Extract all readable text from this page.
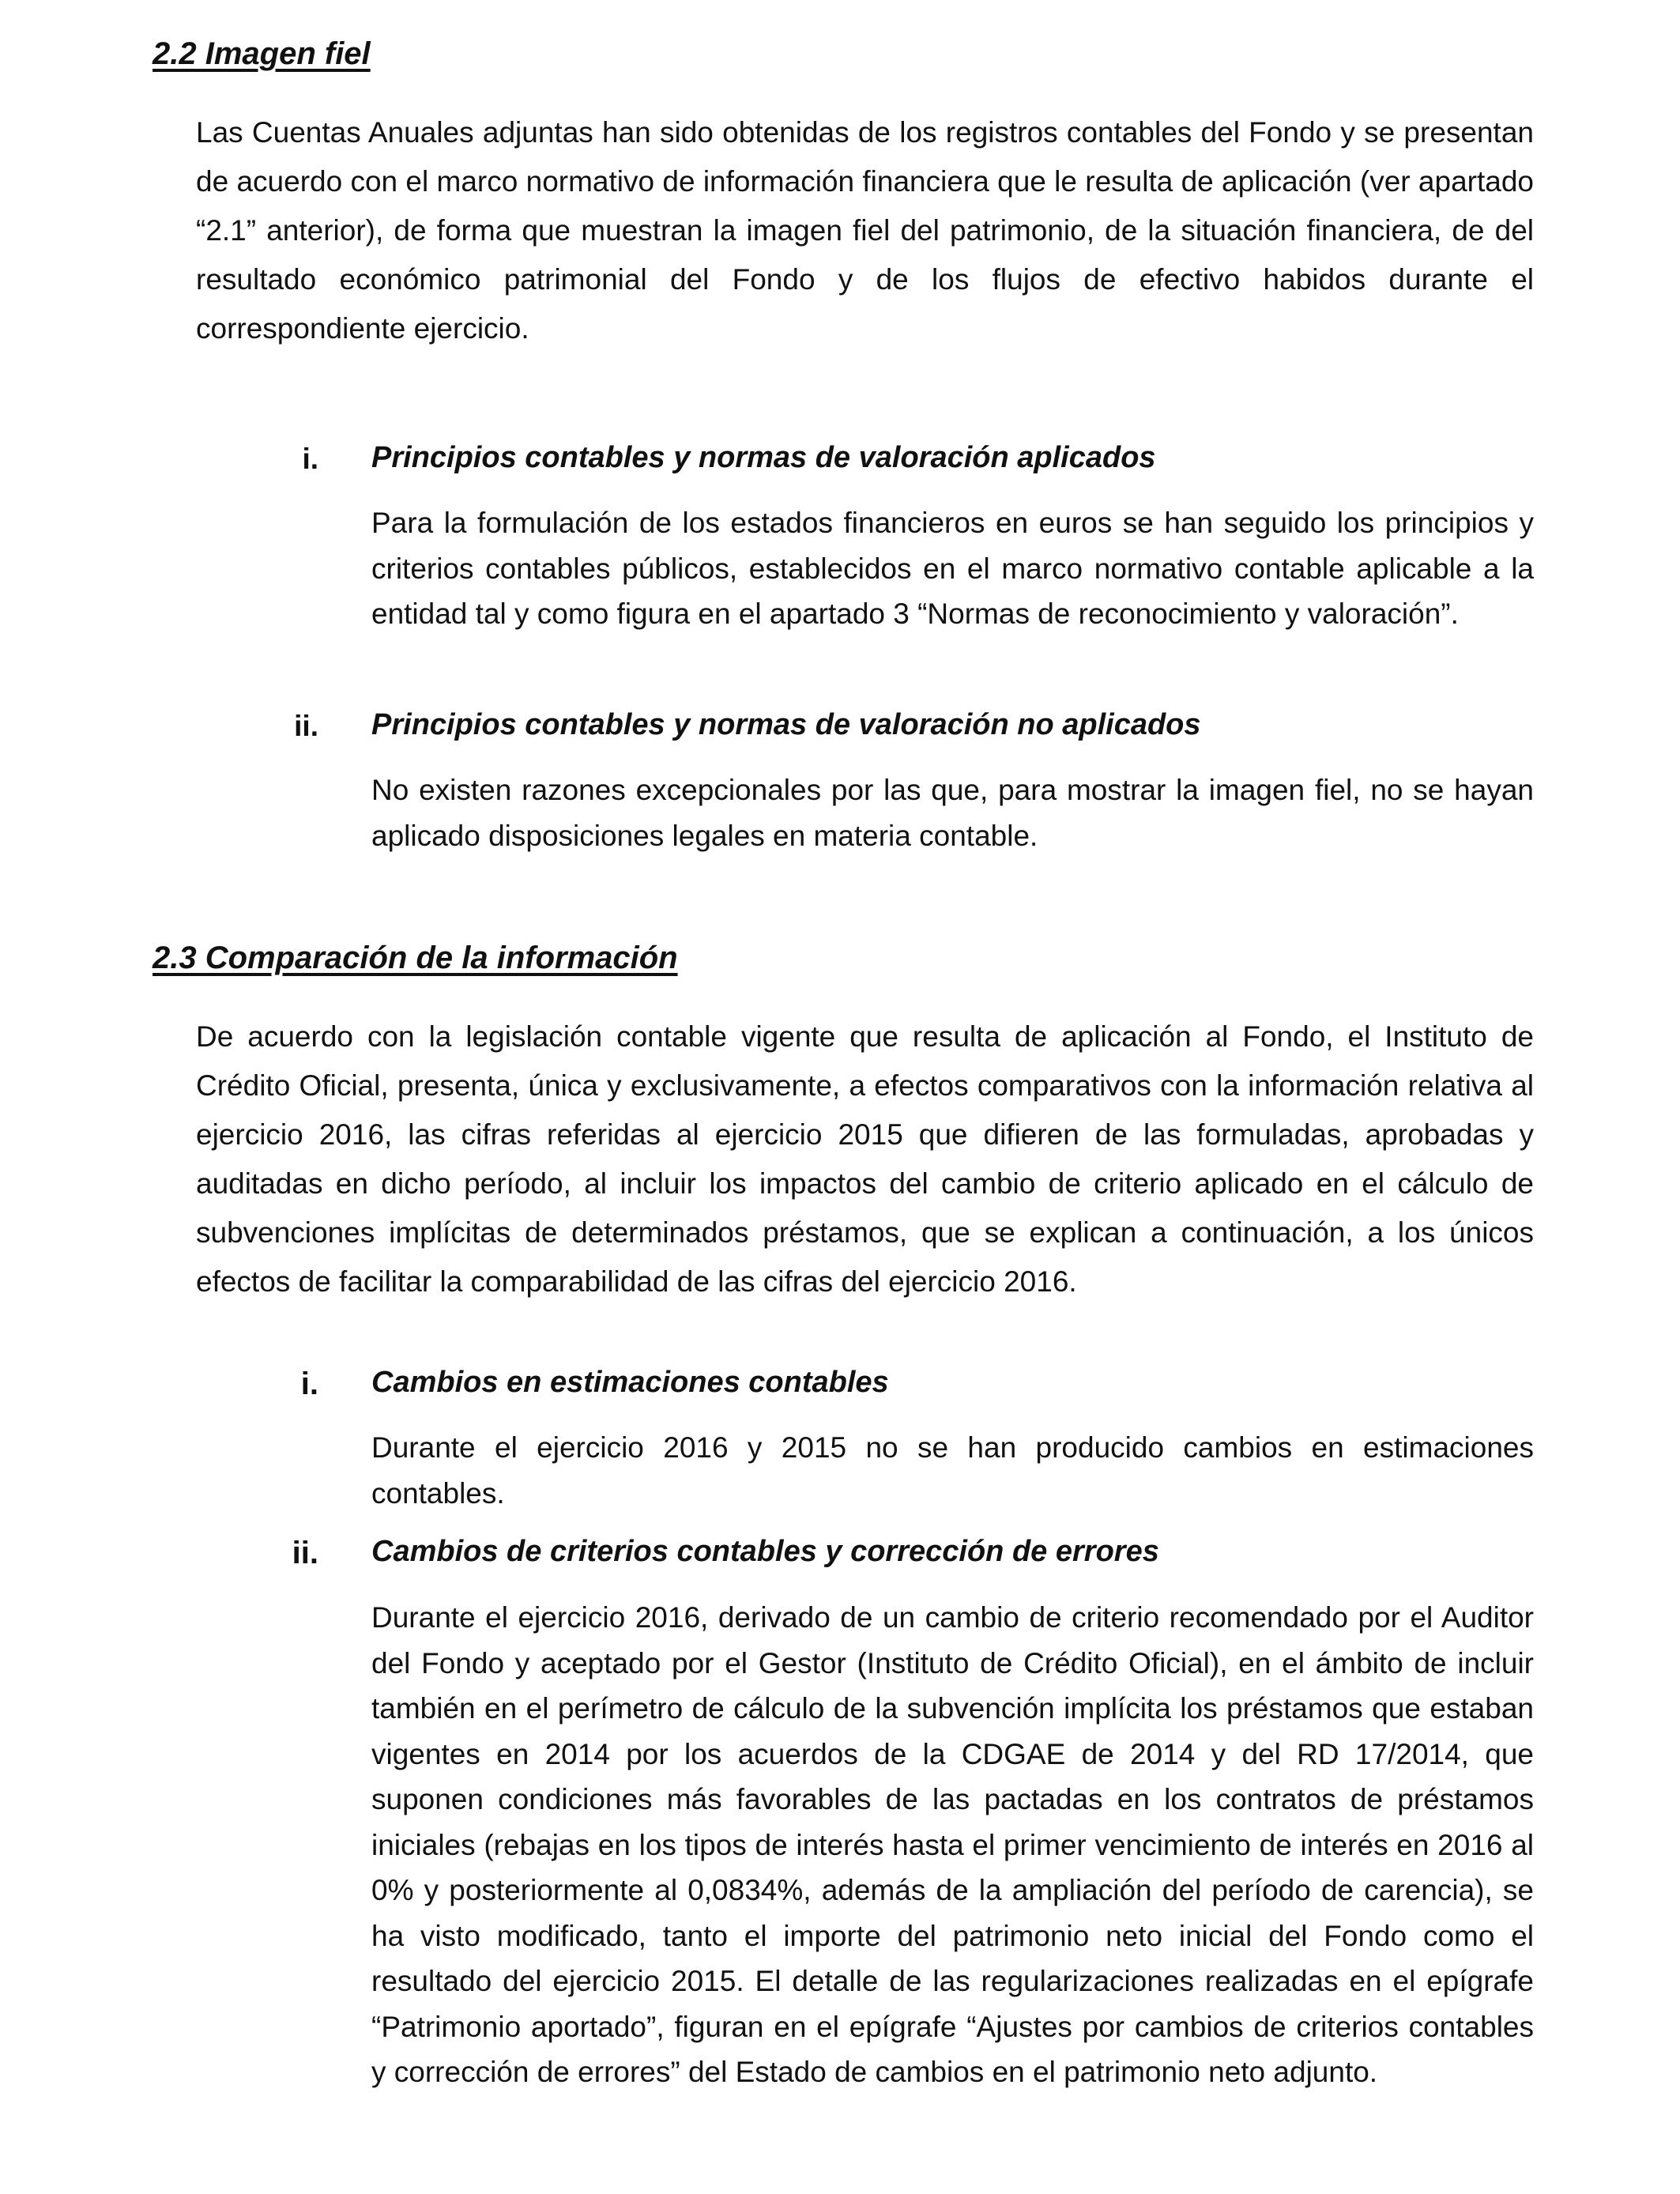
2.2 Imagen fiel

Las Cuentas Anuales adjuntas han sido obtenidas de los registros contables del Fondo y se presentan de acuerdo con el marco normativo de información financiera que le resulta de aplicación (ver apartado “2.1” anterior), de forma que muestran la imagen fiel del patrimonio, de la situación financiera, de del resultado económico patrimonial del Fondo y de los flujos de efectivo habidos durante el correspondiente ejercicio.

i. Principios contables y normas de valoración aplicados

Para la formulación de los estados financieros en euros se han seguido los principios y criterios contables públicos, establecidos en el marco normativo contable aplicable a la entidad tal y como figura en el apartado 3 “Normas de reconocimiento y valoración”.

ii. Principios contables y normas de valoración no aplicados

No existen razones excepcionales por las que, para mostrar la imagen fiel, no se hayan aplicado disposiciones legales en materia contable.

2.3 Comparación de la información

De acuerdo con la legislación contable vigente que resulta de aplicación al Fondo, el Instituto de Crédito Oficial, presenta, única y exclusivamente, a efectos comparativos con la información relativa al ejercicio 2016, las cifras referidas al ejercicio 2015 que difieren de las formuladas, aprobadas y auditadas en dicho período, al incluir los impactos del cambio de criterio aplicado en el cálculo de subvenciones implícitas de determinados préstamos, que se explican a continuación, a los únicos efectos de facilitar la comparabilidad de las cifras del ejercicio 2016.

i. Cambios en estimaciones contables

Durante el ejercicio 2016 y 2015 no se han producido cambios en estimaciones contables.

ii. Cambios de criterios contables y corrección de errores

Durante el ejercicio 2016, derivado de un cambio de criterio recomendado por el Auditor del Fondo y aceptado por el Gestor (Instituto de Crédito Oficial), en el ámbito de incluir también en el perímetro de cálculo de la subvención implícita los préstamos que estaban vigentes en 2014 por los acuerdos de la CDGAE de 2014 y del RD 17/2014, que suponen condiciones más favorables de las pactadas en los contratos de préstamos iniciales (rebajas en los tipos de interés hasta el primer vencimiento de interés en 2016 al 0% y posteriormente al 0,0834%, además de la ampliación del período de carencia), se ha visto modificado, tanto el importe del patrimonio neto inicial del Fondo como el resultado del ejercicio 2015. El detalle de las regularizaciones realizadas en el epígrafe “Patrimonio aportado”, figuran en el epígrafe “Ajustes por cambios de criterios contables y corrección de errores” del Estado de cambios en el patrimonio neto adjunto.
